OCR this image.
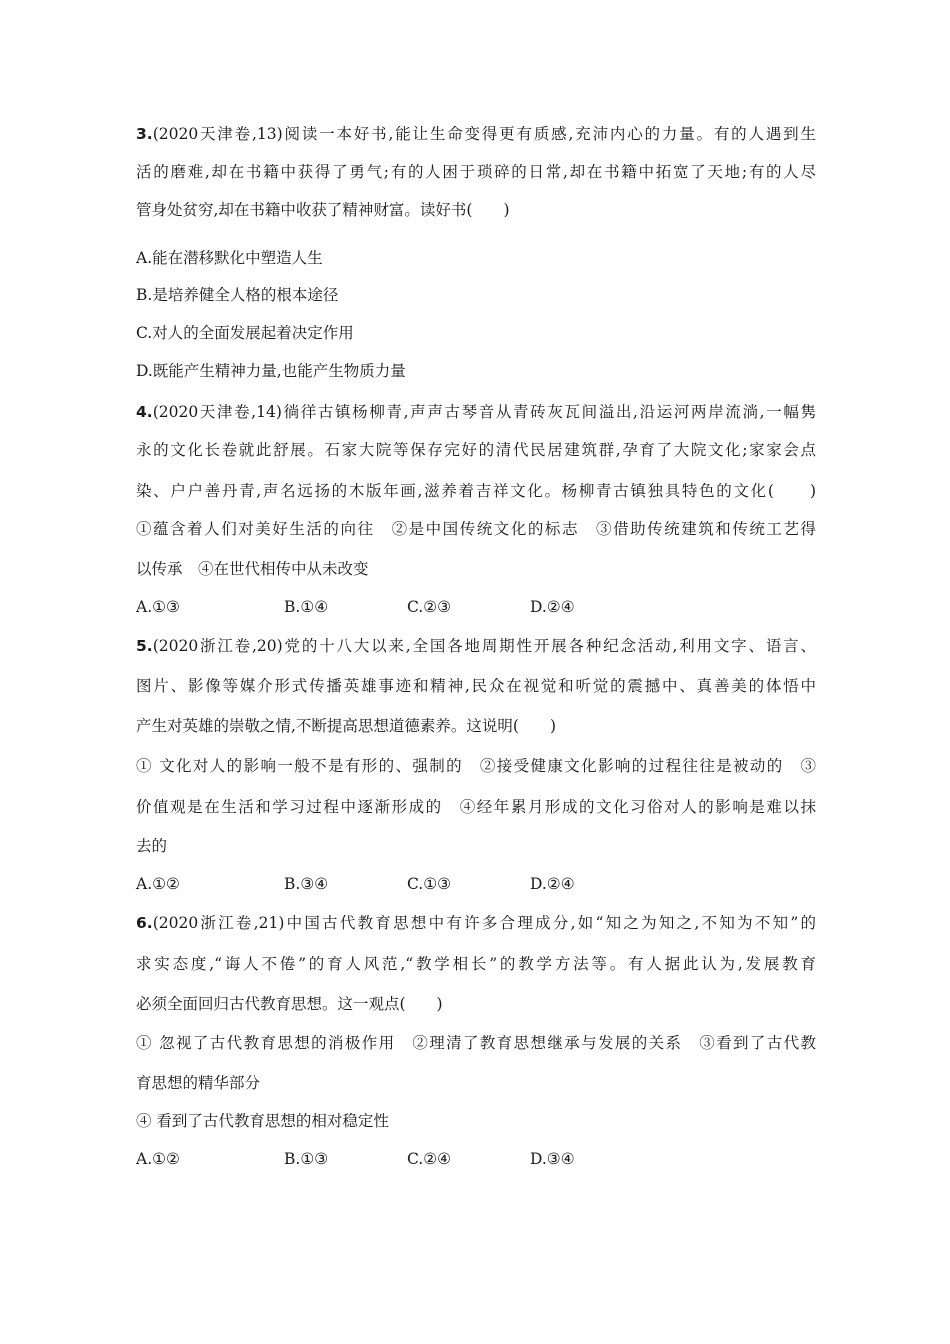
3.(2020天津卷,13)阅读一本好书,能让生命变得更有质感,充沛内心的力量。有的人遇到生
活的磨难,却在书籍中获得了勇气;有的人困于琐碎的日常,却在书籍中拓宽了天地;有的人尽
管身处贫穷,却在书籍中收获了精神财富。读好书(　　)
A.能在潜移默化中塑造人生
B.是培养健全人格的根本途径
C.对人的全面发展起着决定作用
D.既能产生精神力量,也能产生物质力量
4.(2020天津卷,14)徜徉古镇杨柳青,声声古琴音从青砖灰瓦间溢出,沿运河两岸流淌,一幅隽
永的文化长卷就此舒展。石家大院等保存完好的清代民居建筑群,孕育了大院文化;家家会点
染、户户善丹青,声名远扬的木版年画,滋养着吉祥文化。杨柳青古镇独具特色的文化(　　)
①蕴含着人们对美好生活的向往　②是中国传统文化的标志　③借助传统建筑和传统工艺得
以传承　④在世代相传中从未改变
A.①③	B.①④	C.②③	D.②④
5.(2020浙江卷,20)党的十八大以来,全国各地周期性开展各种纪念活动,利用文字、语言、
图片、影像等媒介形式传播英雄事迹和精神,民众在视觉和听觉的震撼中、真善美的体悟中
产生对英雄的崇敬之情,不断提高思想道德素养。这说明(　　)
① 文化对人的影响一般不是有形的、强制的　②接受健康文化影响的过程往往是被动的　③
价值观是在生活和学习过程中逐渐形成的　④经年累月形成的文化习俗对人的影响是难以抹
去的
A.①②	B.③④	C.①③	D.②④
6.(2020浙江卷,21)中国古代教育思想中有许多合理成分,如“知之为知之,不知为不知”的
求实态度,“诲人不倦”的育人风范,“教学相长”的教学方法等。有人据此认为,发展教育
必须全面回归古代教育思想。这一观点(　　)
① 忽视了古代教育思想的消极作用　②理清了教育思想继承与发展的关系　③看到了古代教
育思想的精华部分
④ 看到了古代教育思想的相对稳定性
A.①②	B.①③	C.②④	D.③④
